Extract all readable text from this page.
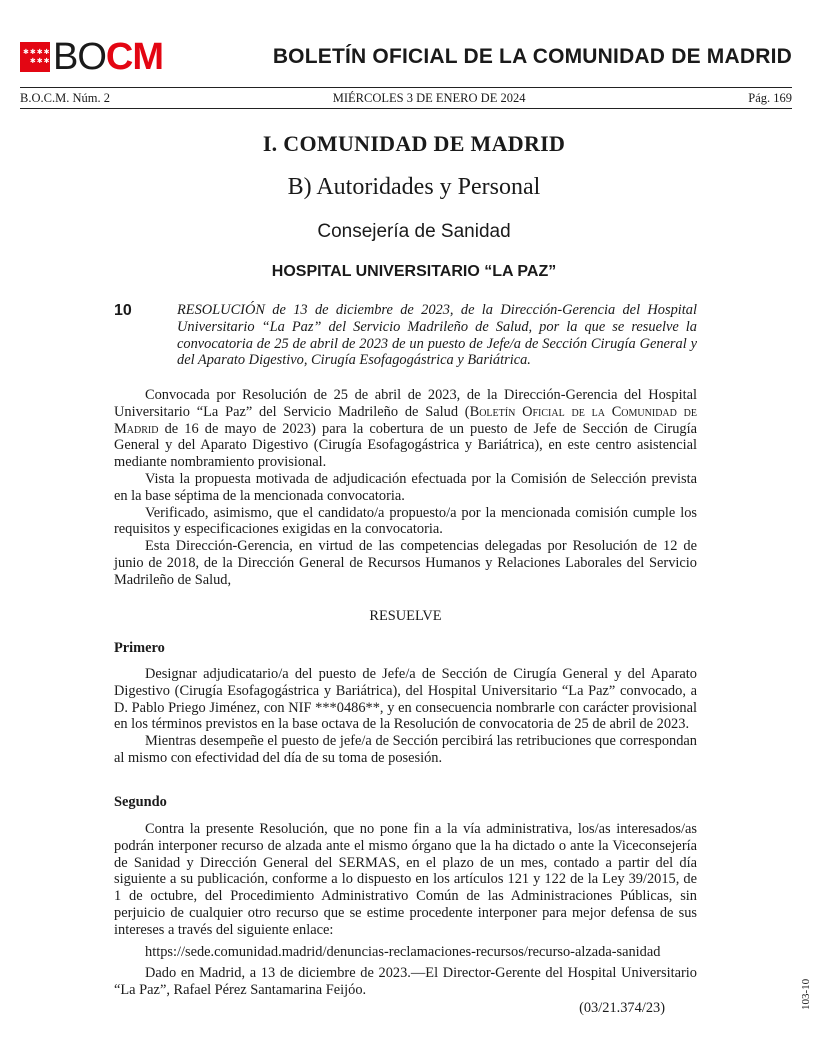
✱ ✱ ✱ ✱
✱ ✱ ✱ BOCM	BOLETÍN OFICIAL DE LA COMUNIDAD DE MADRID
B.O.C.M. Núm. 2	MIÉRCOLES 3 DE ENERO DE 2024	Pág. 169
I. COMUNIDAD DE MADRID
B) Autoridades y Personal
Consejería de Sanidad
HOSPITAL UNIVERSITARIO “LA PAZ”
10	RESOLUCIÓN de 13 de diciembre de 2023, de la Dirección-Gerencia del Hospital Universitario “La Paz” del Servicio Madrileño de Salud, por la que se resuelve la convocatoria de 25 de abril de 2023 de un puesto de Jefe/a de Sección Cirugía General y del Aparato Digestivo, Cirugía Esofagogástrica y Bariátrica.

Convocada por Resolución de 25 de abril de 2023, de la Dirección-Gerencia del Hospital Universitario “La Paz” del Servicio Madrileño de Salud (Boletín Oficial de la Comunidad de Madrid de 16 de mayo de 2023) para la cobertura de un puesto de Jefe de Sección de Cirugía General y del Aparato Digestivo (Cirugía Esofagogástrica y Bariátrica), en este centro asistencial mediante nombramiento provisional.

Vista la propuesta motivada de adjudicación efectuada por la Comisión de Selección prevista en la base séptima de la mencionada convocatoria.

Verificado, asimismo, que el candidato/a propuesto/a por la mencionada comisión cumple los requisitos y especificaciones exigidas en la convocatoria.

Esta Dirección-Gerencia, en virtud de las competencias delegadas por Resolución de 12 de junio de 2018, de la Dirección General de Recursos Humanos y Relaciones Laborales del Servicio Madrileño de Salud,

RESUELVE
Primero

Designar adjudicatario/a del puesto de Jefe/a de Sección de Cirugía General y del Aparato Digestivo (Cirugía Esofagogástrica y Bariátrica), del Hospital Universitario “La Paz” convocado, a D. Pablo Priego Jiménez, con NIF ***0486**, y en consecuencia nombrarle con carácter provisional en los términos previstos en la base octava de la Resolución de convocatoria de 25 de abril de 2023.

Mientras desempeñe el puesto de jefe/a de Sección percibirá las retribuciones que correspondan al mismo con efectividad del día de su toma de posesión.

Segundo

Contra la presente Resolución, que no pone fin a la vía administrativa, los/as interesados/as podrán interponer recurso de alzada ante el mismo órgano que la ha dictado o ante la Viceconsejería de Sanidad y Dirección General del SERMAS, en el plazo de un mes, contado a partir del día siguiente a su publicación, conforme a lo dispuesto en los artículos 121 y 122 de la Ley 39/2015, de 1 de octubre, del Procedimiento Administrativo Común de las Administraciones Públicas, sin perjuicio de cualquier otro recurso que se estime procedente interponer para mejor defensa de sus intereses a través del siguiente enlace:

https://sede.comunidad.madrid/denuncias-reclamaciones-recursos/recurso-alzada-sanidad

Dado en Madrid, a 13 de diciembre de 2023.—El Director-Gerente del Hospital Universitario “La Paz”, Rafael Pérez Santamarina Feijóo.

(03/21.374/23)	103-10
